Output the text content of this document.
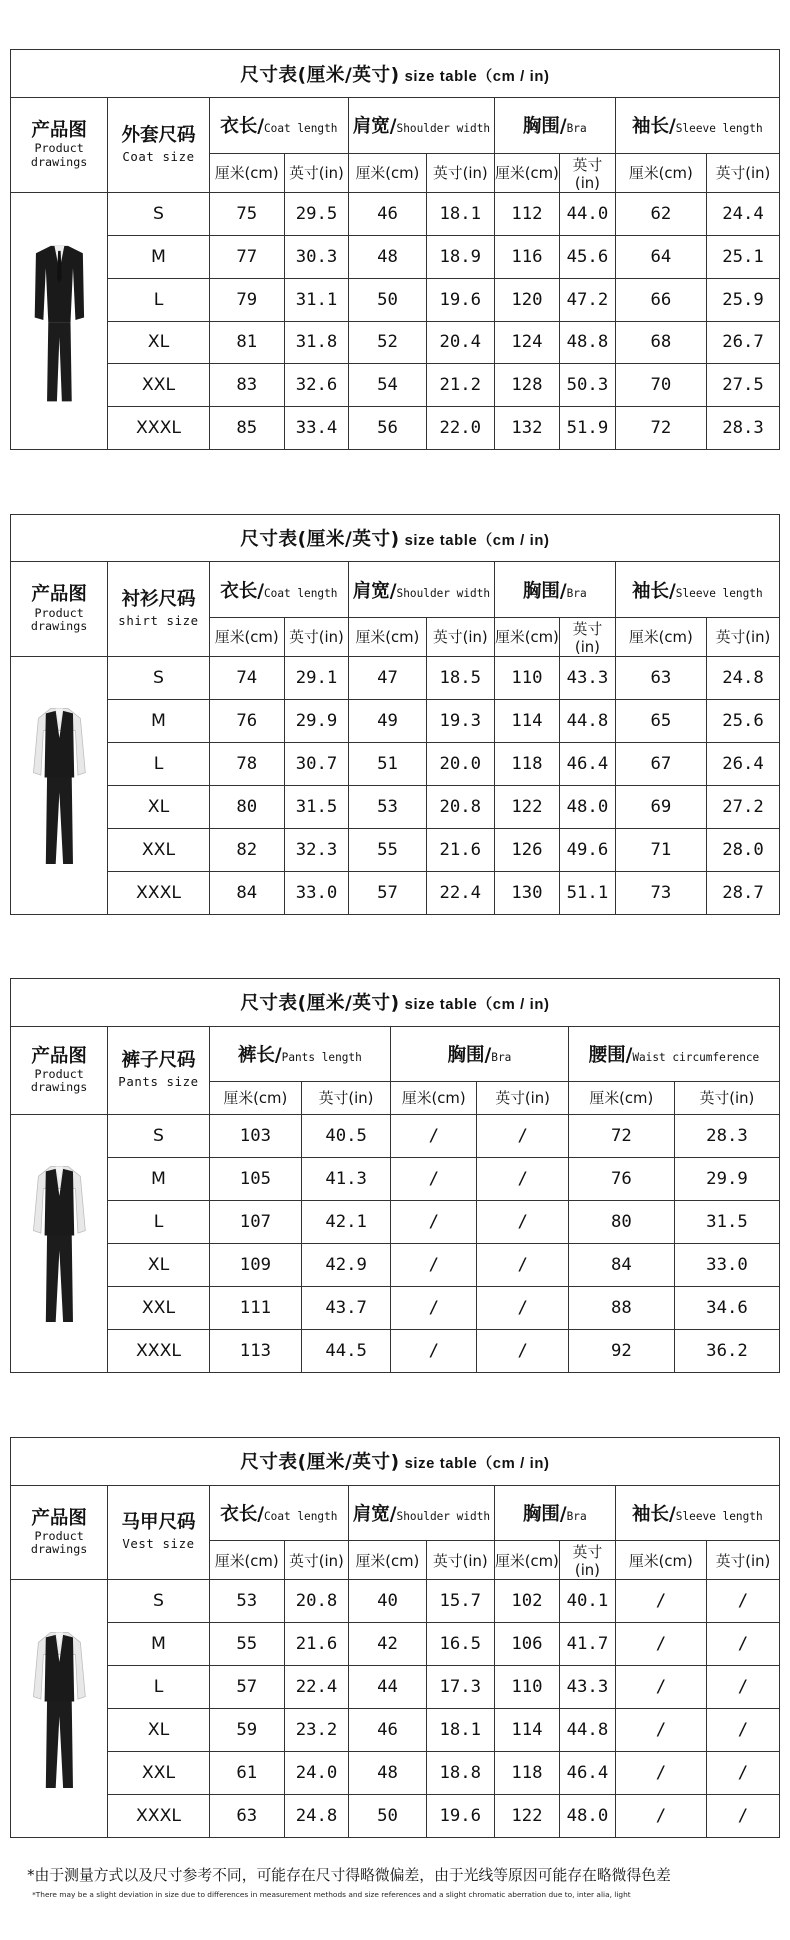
尺寸表(厘米/英寸) size table（cm / in)									

产品图
Product
drawings	外套尺码
Coat size	衣长/Coat length		肩宽/Shoulder width		胸围/Bra		袖长/Sleeve length	
		厘米(cm)	英寸(in)	厘米(cm)	英寸(in)	厘米(cm)	英寸(in)	厘米(cm)	英寸(in)

	S	75	29.5	46	18.1	112	44.0	62	24.4
	M	77	30.3	48	18.9	116	45.6	64	25.1
	L	79	31.1	50	19.6	120	47.2	66	25.9
	XL	81	31.8	52	20.4	124	48.8	68	26.7
	XXL	83	32.6	54	21.2	128	50.3	70	27.5
	XXXL	85	33.4	56	22.0	132	51.9	72	28.3
尺寸表(厘米/英寸) size table（cm / in)									

产品图
Product
drawings	衬衫尺码
shirt size	衣长/Coat length		肩宽/Shoulder width		胸围/Bra		袖长/Sleeve length	
		厘米(cm)	英寸(in)	厘米(cm)	英寸(in)	厘米(cm)	英寸(in)	厘米(cm)	英寸(in)

	S	74	29.1	47	18.5	110	43.3	63	24.8
	M	76	29.9	49	19.3	114	44.8	65	25.6
	L	78	30.7	51	20.0	118	46.4	67	26.4
	XL	80	31.5	53	20.8	122	48.0	69	27.2
	XXL	82	32.3	55	21.6	126	49.6	71	28.0
	XXXL	84	33.0	57	22.4	130	51.1	73	28.7
尺寸表(厘米/英寸) size table（cm / in)							

产品图
Product
drawings	裤子尺码
Pants size	裤长/Pants length		胸围/Bra		腰围/Waist circumference	
		厘米(cm)	英寸(in)	厘米(cm)	英寸(in)	厘米(cm)	英寸(in)

	S	103	40.5	/	/	72	28.3
	M	105	41.3	/	/	76	29.9
	L	107	42.1	/	/	80	31.5
	XL	109	42.9	/	/	84	33.0
	XXL	111	43.7	/	/	88	34.6
	XXXL	113	44.5	/	/	92	36.2
尺寸表(厘米/英寸) size table（cm / in)									

产品图
Product
drawings	马甲尺码
Vest size	衣长/Coat length		肩宽/Shoulder width		胸围/Bra		袖长/Sleeve length	
		厘米(cm)	英寸(in)	厘米(cm)	英寸(in)	厘米(cm)	英寸(in)	厘米(cm)	英寸(in)

	S	53	20.8	40	15.7	102	40.1	/	/
	M	55	21.6	42	16.5	106	41.7	/	/
	L	57	22.4	44	17.3	110	43.3	/	/
	XL	59	23.2	46	18.1	114	44.8	/	/
	XXL	61	24.0	48	18.8	118	46.4	/	/
	XXXL	63	24.8	50	19.6	122	48.0	/	/
*由于测量方式以及尺寸参考不同，可能存在尺寸得略微偏差，由于光线等原因可能存在略微得色差
*There may be a slight deviation in size due to differences in measurement methods and size references and a slight chromatic aberration due to, inter alia, light
